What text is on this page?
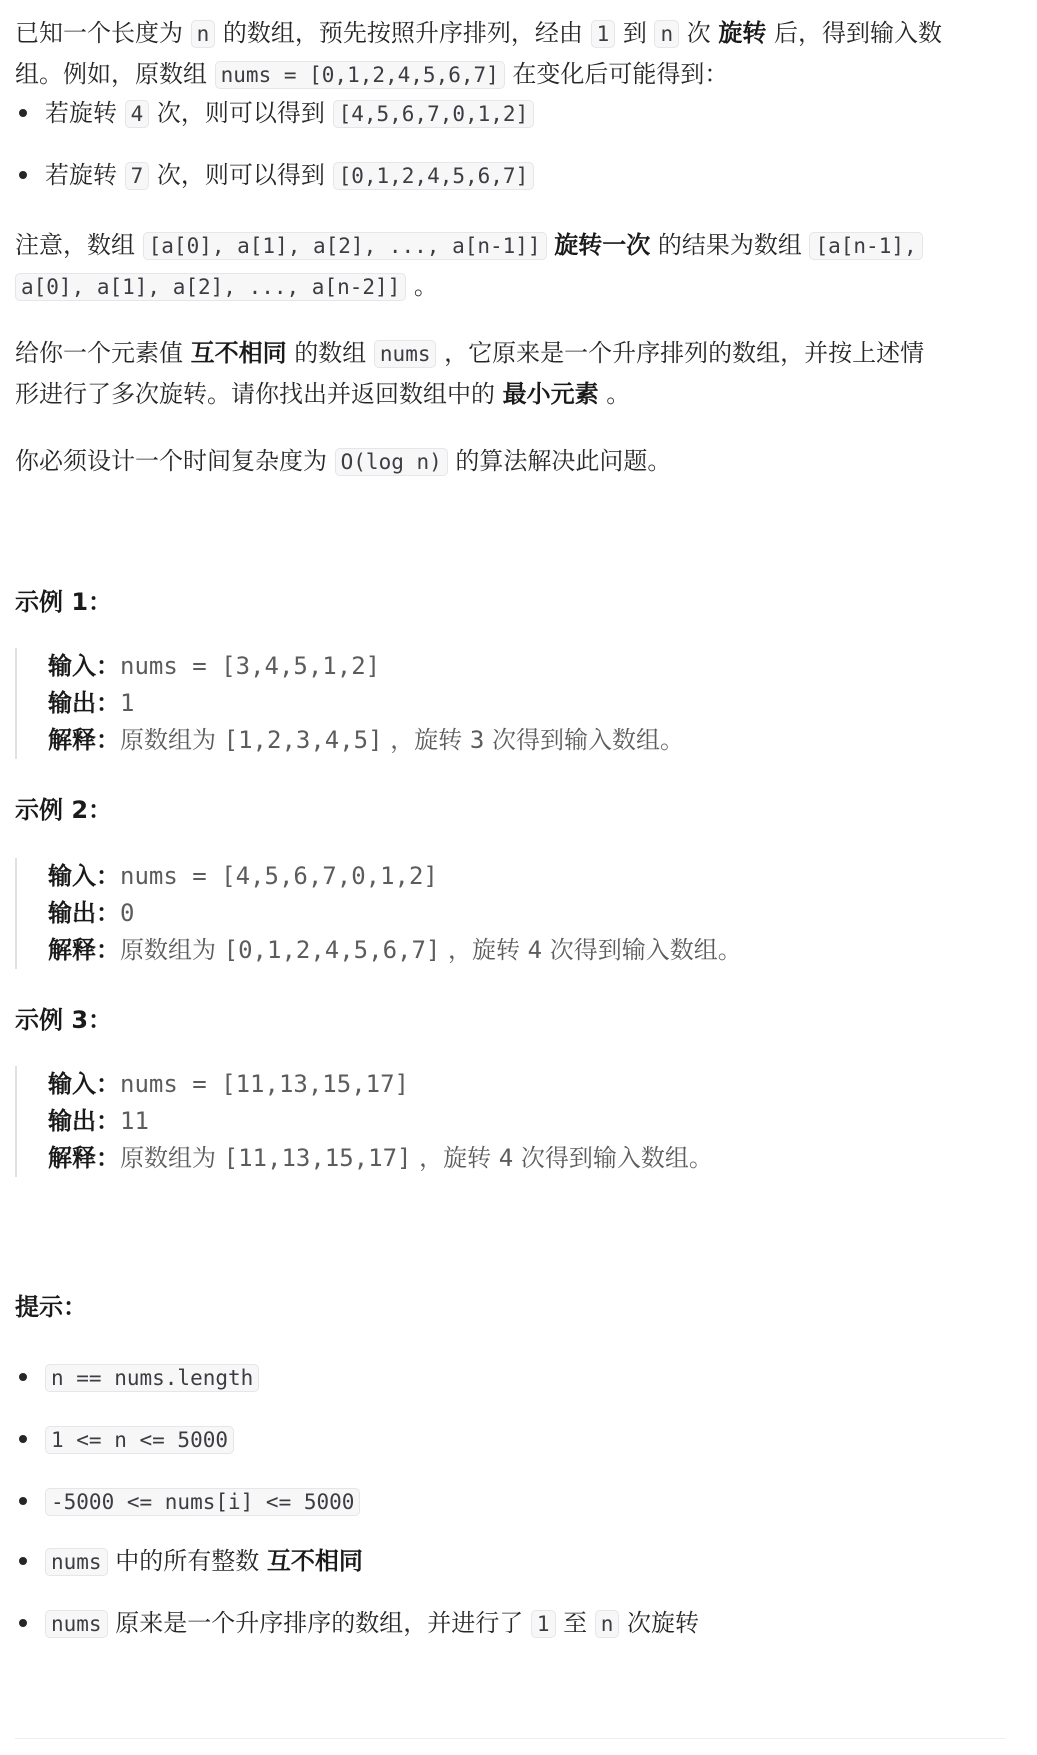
已知一个长度为 n 的数组，预先按照升序排列，经由 1 到 n 次 旋转 后，得到输入数
组。例如，原数组 nums = [0,1,2,4,5,6,7] 在变化后可能得到：

若旋转 4 次，则可以得到 [4,5,6,7,0,1,2]
若旋转 7 次，则可以得到 [0,1,2,4,5,6,7]

注意，数组 [a[0], a[1], a[2], ..., a[n-1]] 旋转一次 的结果为数组 [a[n-1],
a[0], a[1], a[2], ..., a[n-2]] 。

给你一个元素值 互不相同 的数组 nums ，它原来是一个升序排列的数组，并按上述情
形进行了多次旋转。请你找出并返回数组中的 最小元素 。

你必须设计一个时间复杂度为 O(log n) 的算法解决此问题。

示例 1：
输入：nums = [3,4,5,1,2]
输出：1
解释：原数组为 [1,2,3,4,5] ，旋转 3 次得到输入数组。
示例 2：
输入：nums = [4,5,6,7,0,1,2]
输出：0
解释：原数组为 [0,1,2,4,5,6,7] ，旋转 4 次得到输入数组。
示例 3：
输入：nums = [11,13,15,17]
输出：11
解释：原数组为 [11,13,15,17] ，旋转 4 次得到输入数组。
提示：
n == nums.length
1 <= n <= 5000
-5000 <= nums[i] <= 5000
nums 中的所有整数 互不相同
nums 原来是一个升序排序的数组，并进行了 1 至 n 次旋转
